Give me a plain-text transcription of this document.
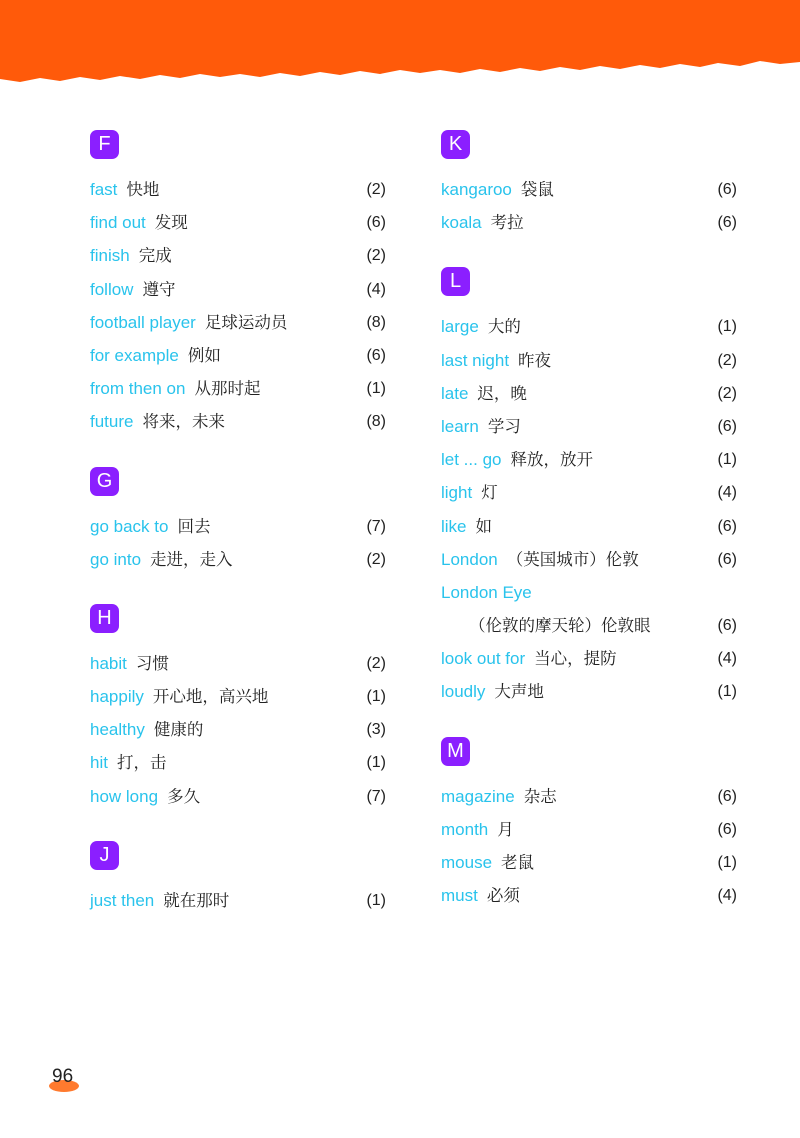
F
fast 快地	(2)
find out 发现	(6)
finish 完成	(2)
follow 遵守	(4)
football player 足球运动员	(8)
for example 例如	(6)
from then on 从那时起	(1)
future 将来，未来	(8)
G
go back to 回去	(7)
go into 走进，走入	(2)
H
habit 习惯	(2)
happily 开心地，高兴地	(1)
healthy 健康的	(3)
hit 打，击	(1)
how long 多久	(7)
J
just then 就在那时	(1)
K
kangaroo 袋鼠	(6)
koala 考拉	(6)
L
large 大的	(1)
last night 昨夜	(2)
late 迟，晚	(2)
learn 学习	(6)
let ... go 释放，放开	(1)
light 灯	(4)
like 如	(6)
London （英国城市）伦敦	(6)
London Eye
（伦敦的摩天轮）伦敦眼	(6)
look out for 当心，提防	(4)
loudly 大声地	(1)
M
magazine 杂志	(6)
month 月	(6)
mouse 老鼠	(1)
must 必须	(4)
96
